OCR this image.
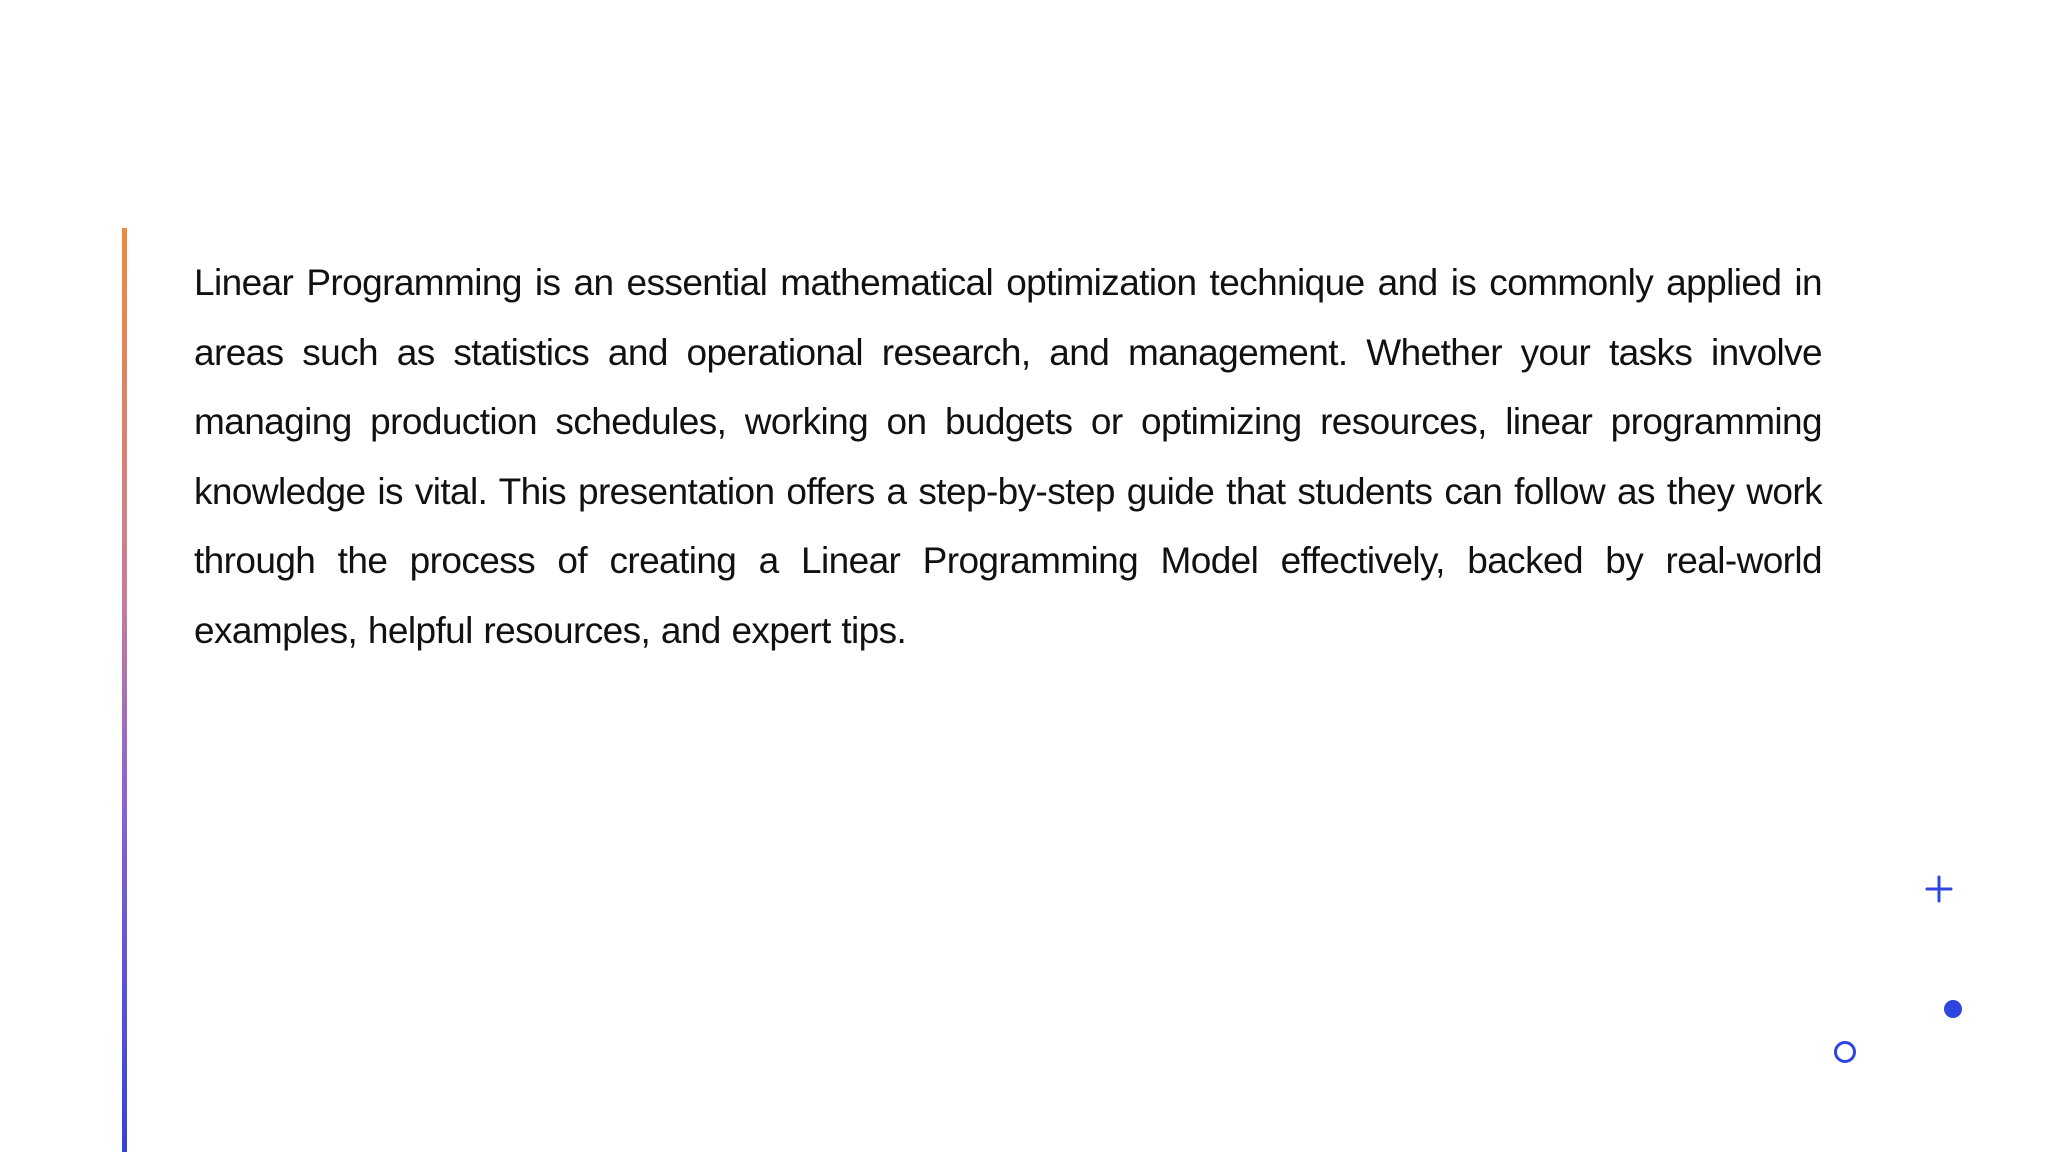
Linear Programming is an essential mathematical optimization technique and is commonly applied in areas such as statistics and operational research, and management. Whether your tasks involve managing production schedules, working on budgets or optimizing resources, linear programming knowledge is vital. This presentation offers a step-by-step guide that students can follow as they work through the process of creating a Linear Programming Model effectively, backed by real-world examples, helpful resources, and expert tips.
